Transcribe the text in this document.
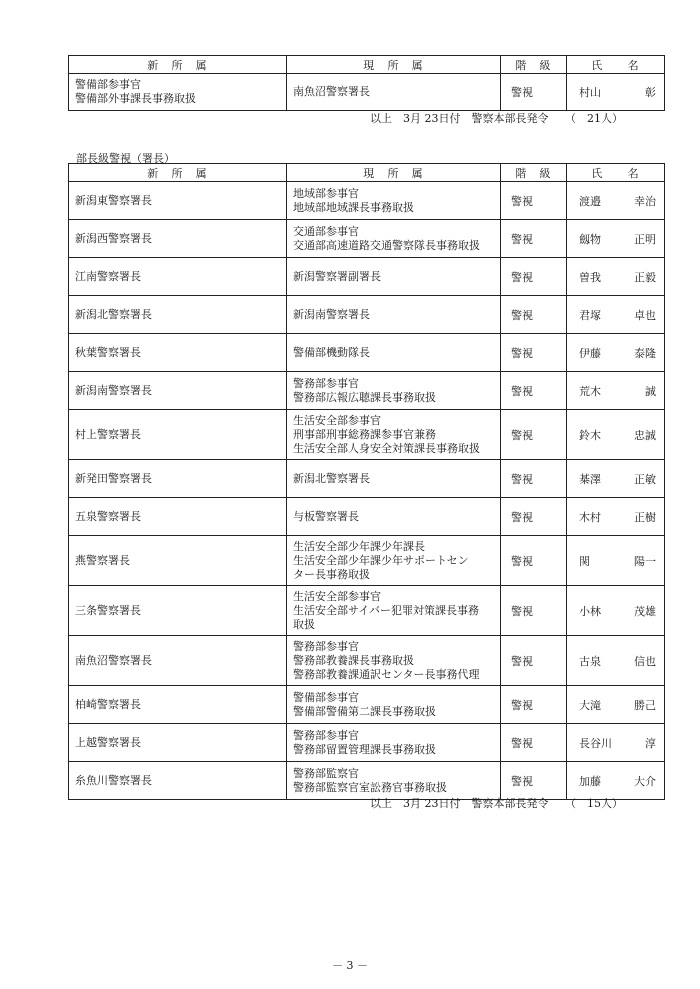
新　所　属	現　所　属	階　級	氏　　名
警備部参事官
警備部外事課長事務取扱	南魚沼警察署長	警視	村山 彰
以上　3月 23日付　警察本部長発令　　（　21人）
部長級警視（署長）
新　所　属	現　所　属	階　級	氏　　名
新潟東警察署長	地域部参事官
地域部地域課長事務取扱	警視	渡邉 幸治

新潟西警察署長	交通部参事官
交通部高速道路交通警察隊長事務取扱	警視	劔物 正明

江南警察署長	新潟警察署副署長	警視	曽我 正毅

新潟北警察署長	新潟南警察署長	警視	君塚 卓也

秋葉警察署長	警備部機動隊長	警視	伊藤 泰隆

新潟南警察署長	警務部参事官
警務部広報広聴課長事務取扱	警視	荒木 誠

村上警察署長	生活安全部参事官
刑事部刑事総務課参事官兼務
生活安全部人身安全対策課長事務取扱	警視	鈴木 忠誠

新発田警察署長	新潟北警察署長	警視	棊澤 正敏

五泉警察署長	与板警察署長	警視	木村 正樹

燕警察署長	生活安全部少年課少年課長
生活安全部少年課少年サポートセン
ター長事務取扱	警視	関 陽一

三条警察署長	生活安全部参事官
生活安全部サイバー犯罪対策課長事務
取扱	警視	小林 茂雄

南魚沼警察署長	警務部参事官
警務部教養課長事務取扱
警務部教養課通訳センター長事務代理	警視	古泉 信也

柏崎警察署長	警備部参事官
警備部警備第二課長事務取扱	警視	大滝 勝己

上越警察署長	警務部参事官
警務部留置管理課長事務取扱	警視	長谷川 淳

糸魚川警察署長	警務部監察官
警務部監察官室訟務官事務取扱	警視	加藤 大介
以上　3月 23日付　警察本部長発令　　（　15人）
－ 3 －
